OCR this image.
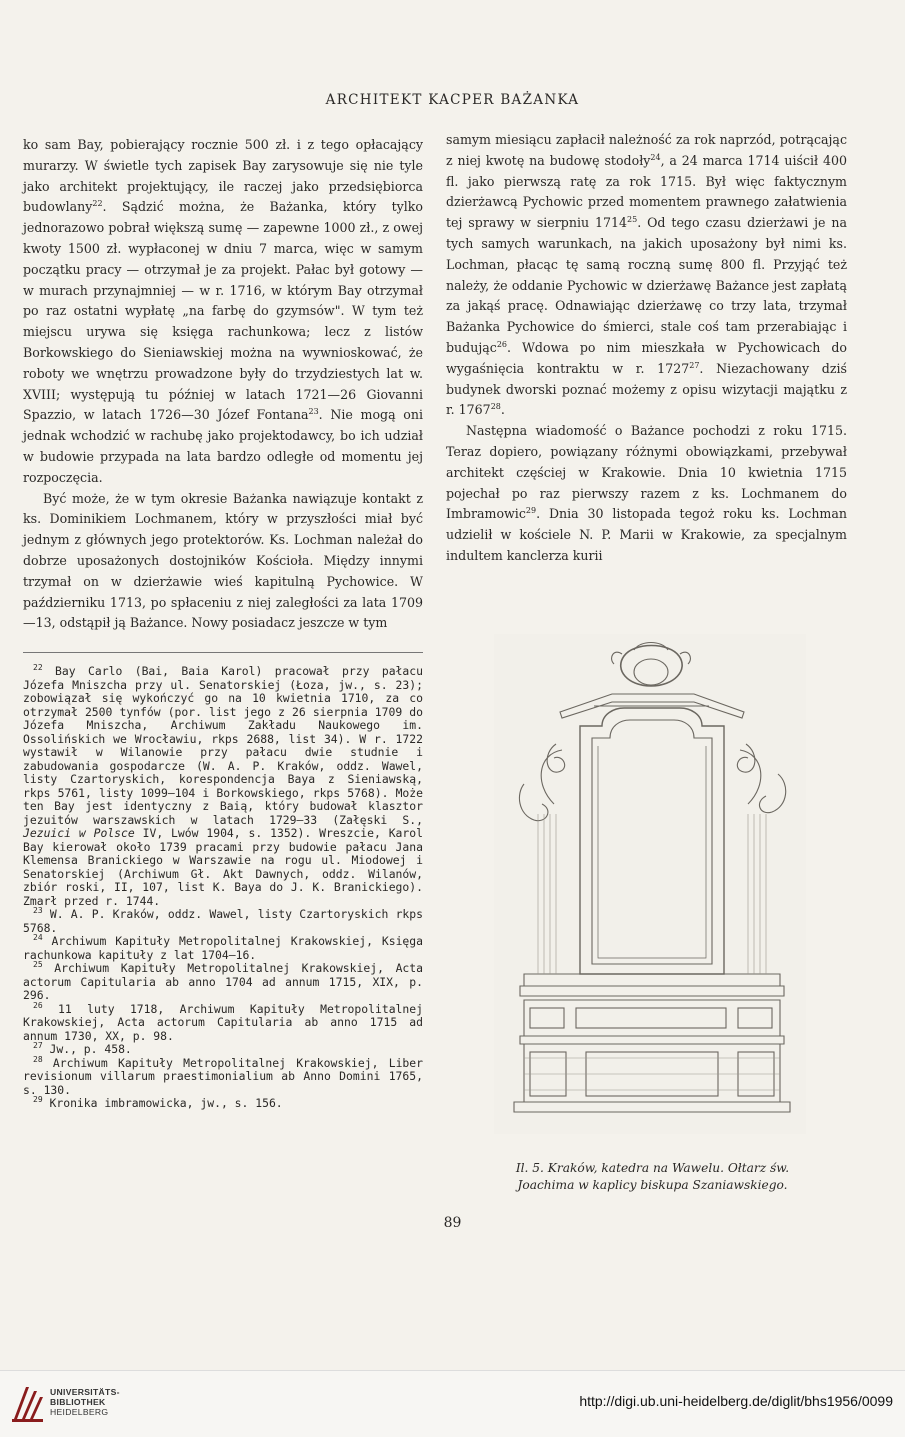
ARCHITEKT KACPER BAŻANKA

ko sam Bay, pobierający rocznie 500 zł. i z tego opłacający murarzy. W świetle tych zapisek Bay zarysowuje się nie tyle jako architekt projektujący, ile raczej jako przedsiębiorca budowlany$^{22}$. Sądzić można, że Bażanka, który tylko jednorazowo pobrał większą sumę — zapewne 1000 zł., z owej kwoty 1500 zł. wypłaconej w dniu 7 marca, więc w samym początku pracy — otrzymał je za projekt. Pałac był gotowy — w murach przynajmniej — w r. 1716, w którym Bay otrzymał po raz ostatni wypłatę „na farbę do gzymsów". W tym też miejscu urywa się księga rachunkowa; lecz z listów Borkowskiego do Sieniawskiej można na wywnioskować, że roboty we wnętrzu prowadzone były do trzydziestych lat w. XVIII; występują tu później w latach 1721—26 Giovanni Spazzio, w latach 1726—30 Józef Fontana$^{23}$. Nie mogą oni jednak wchodzić w rachubę jako projektodawcy, bo ich udział w budowie przypada na lata bardzo odległe od momentu jej rozpoczęcia.

Być może, że w tym okresie Bażanka nawiązuje kontakt z ks. Dominikiem Lochmanem, który w przyszłości miał być jednym z głównych jego protektorów. Ks. Lochman należał do dobrze uposażonych dostojników Kościoła. Między innymi trzymał on w dzierżawie wieś kapitulną Pychowice. W październiku 1713, po spłaceniu z niej zaległości za lata 1709—13, odstąpił ją Bażance. Nowy posiadacz jeszcze w tym

samym miesiącu zapłacił należność za rok naprzód, potrącając z niej kwotę na budowę stodoły$^{24}$, a 24 marca 1714 uiścił 400 fl. jako pierwszą ratę za rok 1715. Był więc faktycznym dzierżawcą Pychowic przed momentem prawnego załatwienia tej sprawy w sierpniu 1714$^{25}$. Od tego czasu dzierżawi je na tych samych warunkach, na jakich uposażony był nimi ks. Lochman, płacąc tę samą roczną sumę 800 fl. Przyjąć też należy, że oddanie Pychowic w dzierżawę Bażance jest zapłatą za jakąś pracę. Odnawiając dzierżawę co trzy lata, trzymał Bażanka Pychowice do śmierci, stale coś tam przerabiając i budując$^{26}$. Wdowa po nim mieszkała w Pychowicach do wygaśnięcia kontraktu w r. 1727$^{27}$. Niezachowany dziś budynek dworski poznać możemy z opisu wizytacji majątku z r. 1767$^{28}$.

Następna wiadomość o Bażance pochodzi z roku 1715. Teraz dopiero, powiązany różnymi obowiązkami, przebywał architekt częściej w Krakowie. Dnia 10 kwietnia 1715 pojechał po raz pierwszy razem z ks. Lochmanem do Imbramowic$^{29}$. Dnia 30 listopada tegoż roku ks. Lochman udzielił w kościele N. P. Marii w Krakowie, za specjalnym indultem kanclerza kurii

$^{22}$ Bay Carlo (Bai, Baia Karol) pracował przy pałacu Józefa Mniszcha przy ul. Senatorskiej (Łoza, jw., s. 23); zobowiązał się wykończyć go na 10 kwietnia 1710, za co otrzymał 2500 tynfów (por. list jego z 26 sierpnia 1709 do Józefa Mniszcha, Archiwum Zakładu Naukowego im. Ossolińskich we Wrocławiu, rkps 2688, list 34). W r. 1722 wystawił w Wilanowie przy pałacu dwie studnie i zabudowania gospodarcze (W. A. P. Kraków, oddz. Wawel, listy Czartoryskich, korespondencja Baya z Sieniawską, rkps 5761, listy 1099—104 i Borkowskiego, rkps 5768). Może ten Bay jest identyczny z Baią, który budował klasztor jezuitów warszawskich w latach 1729—33 (Załęski S., Jezuici w Polsce IV, Lwów 1904, s. 1352). Wreszcie, Karol Bay kierował około 1739 pracami przy budowie pałacu Jana Klemensa Branickiego w Warszawie na rogu ul. Miodowej i Senatorskiej (Archiwum Gł. Akt Dawnych, oddz. Wilanów, zbiór roski, II, 107, list K. Baya do J. K. Branickiego). Zmarł przed r. 1744.

$^{23}$ W. A. P. Kraków, oddz. Wawel, listy Czartoryskich rkps 5768.

$^{24}$ Archiwum Kapituły Metropolitalnej Krakowskiej, Księga rachunkowa kapituły z lat 1704—16.

$^{25}$ Archiwum Kapituły Metropolitalnej Krakowskiej, Acta actorum Capitularia ab anno 1704 ad annum 1715, XIX, p. 296.

$^{26}$ 11 luty 1718, Archiwum Kapituły Metropolitalnej Krakowskiej, Acta actorum Capitularia ab anno 1715 ad annum 1730, XX, p. 98.

$^{27}$ Jw., p. 458.

$^{28}$ Archiwum Kapituły Metropolitalnej Krakowskiej, Liber revisionum villarum praestimonialium ab Anno Domini 1765, s. 130.

$^{29}$ Kronika imbramowicka, jw., s. 156.

Il. 5. Kraków, katedra na Wawelu. Ołtarz św.
Joachima w kaplicy biskupa Szaniawskiego.
89
UNIVERSITÄTS-
BIBLIOTHEK
HEIDELBERG
http://digi.ub.uni-heidelberg.de/diglit/bhs1956/0099
